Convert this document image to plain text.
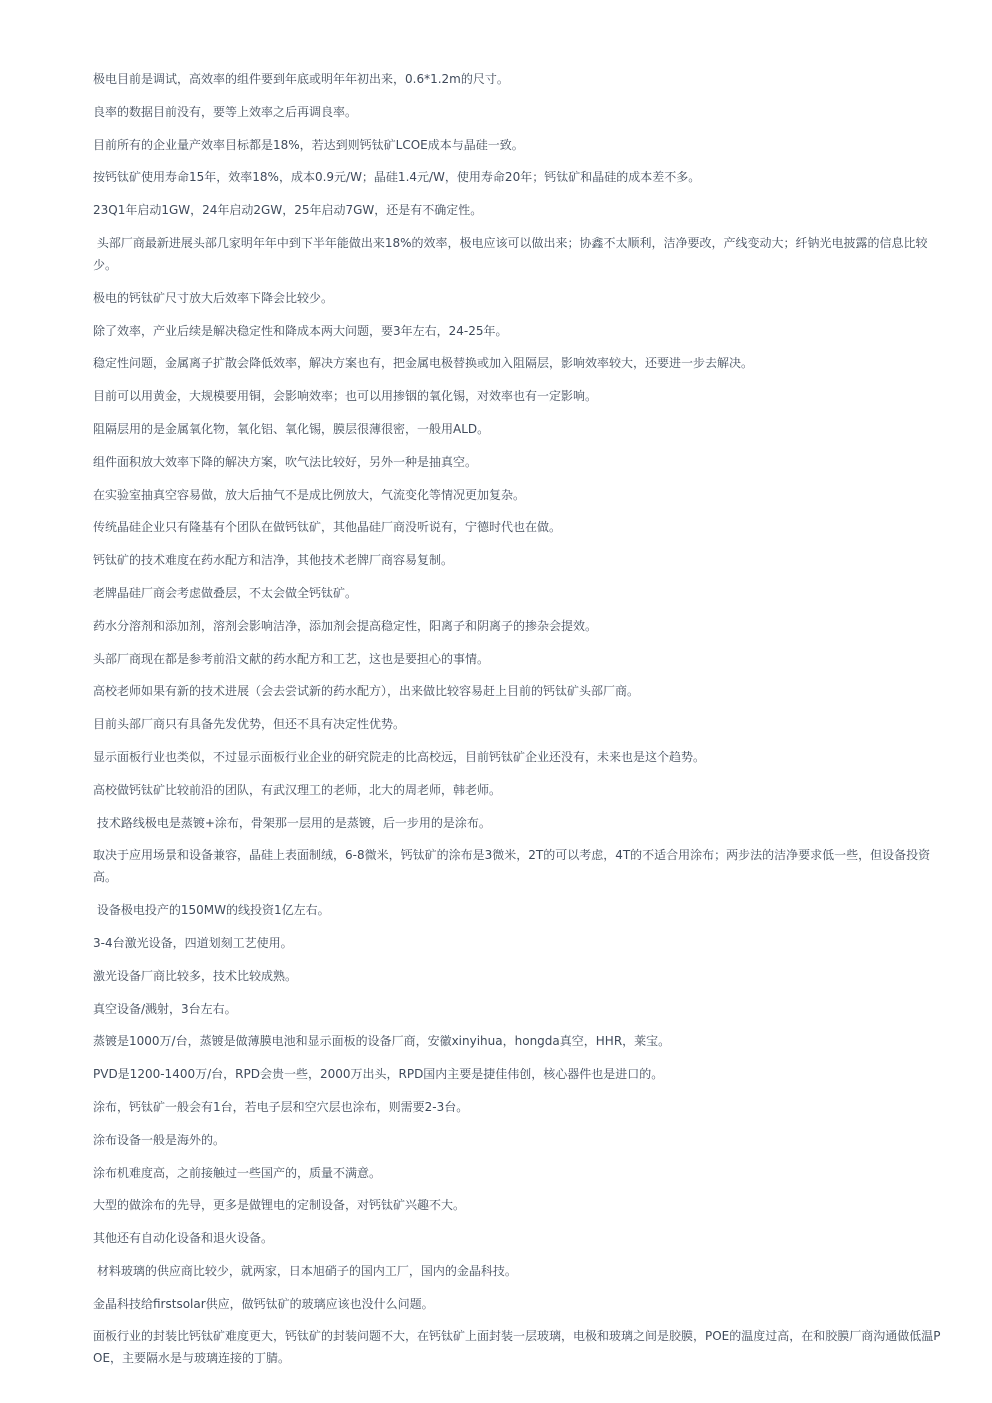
极电目前是调试，高效率的组件要到年底或明年年初出来，0.6*1.2m的尺寸。

良率的数据目前没有，要等上效率之后再调良率。

目前所有的企业量产效率目标都是18%，若达到则钙钛矿LCOE成本与晶硅一致。

按钙钛矿使用寿命15年，效率18%，成本0.9元/W；晶硅1.4元/W，使用寿命20年；钙钛矿和晶硅的成本差不多。

23Q1年启动1GW，24年启动2GW，25年启动7GW，还是有不确定性。

头部厂商最新进展头部几家明年年中到下半年能做出来18%的效率，极电应该可以做出来；协鑫不太顺利，洁净要改，产线变动大；纤钠光电披露的信息比较少。

极电的钙钛矿尺寸放大后效率下降会比较少。

除了效率，产业后续是解决稳定性和降成本两大问题，要3年左右，24-25年。

稳定性问题，金属离子扩散会降低效率，解决方案也有，把金属电极替换或加入阻隔层，影响效率较大，还要进一步去解决。

目前可以用黄金，大规模要用铜，会影响效率；也可以用掺铟的氧化锡，对效率也有一定影响。

阻隔层用的是金属氧化物，氧化铝、氧化锡，膜层很薄很密，一般用ALD。

组件面积放大效率下降的解决方案，吹气法比较好，另外一种是抽真空。

在实验室抽真空容易做，放大后抽气不是成比例放大，气流变化等情况更加复杂。

传统晶硅企业只有隆基有个团队在做钙钛矿，其他晶硅厂商没听说有，宁德时代也在做。

钙钛矿的技术难度在药水配方和洁净，其他技术老牌厂商容易复制。

老牌晶硅厂商会考虑做叠层，不太会做全钙钛矿。

药水分溶剂和添加剂，溶剂会影响洁净，添加剂会提高稳定性，阳离子和阴离子的掺杂会提效。

头部厂商现在都是参考前沿文献的药水配方和工艺，这也是要担心的事情。

高校老师如果有新的技术进展（会去尝试新的药水配方），出来做比较容易赶上目前的钙钛矿头部厂商。

目前头部厂商只有具备先发优势，但还不具有决定性优势。

显示面板行业也类似，不过显示面板行业企业的研究院走的比高校远，目前钙钛矿企业还没有，未来也是这个趋势。

高校做钙钛矿比较前沿的团队，有武汉理工的老师，北大的周老师，韩老师。

技术路线极电是蒸镀+涂布，骨架那一层用的是蒸镀，后一步用的是涂布。

取决于应用场景和设备兼容，晶硅上表面制绒，6-8微米，钙钛矿的涂布是3微米，2T的可以考虑，4T的不适合用涂布；两步法的洁净要求低一些，但设备投资高。

设备极电投产的150MW的线投资1亿左右。

3-4台激光设备，四道划刻工艺使用。

激光设备厂商比较多，技术比较成熟。

真空设备/溅射，3台左右。

蒸镀是1000万/台，蒸镀是做薄膜电池和显示面板的设备厂商，安徽xinyihua，hongda真空，HHR，莱宝。

PVD是1200-1400万/台，RPD会贵一些，2000万出头，RPD国内主要是捷佳伟创，核心器件也是进口的。

涂布，钙钛矿一般会有1台，若电子层和空穴层也涂布，则需要2-3台。

涂布设备一般是海外的。

涂布机难度高，之前接触过一些国产的，质量不满意。

大型的做涂布的先导，更多是做锂电的定制设备，对钙钛矿兴趣不大。

其他还有自动化设备和退火设备。

材料玻璃的供应商比较少，就两家，日本旭硝子的国内工厂，国内的金晶科技。

金晶科技给firstsolar供应，做钙钛矿的玻璃应该也没什么问题。

面板行业的封装比钙钛矿难度更大，钙钛矿的封装问题不大，在钙钛矿上面封装一层玻璃，电极和玻璃之间是胶膜，POE的温度过高，在和胶膜厂商沟通做低温POE，主要隔水是与玻璃连接的丁腈。
